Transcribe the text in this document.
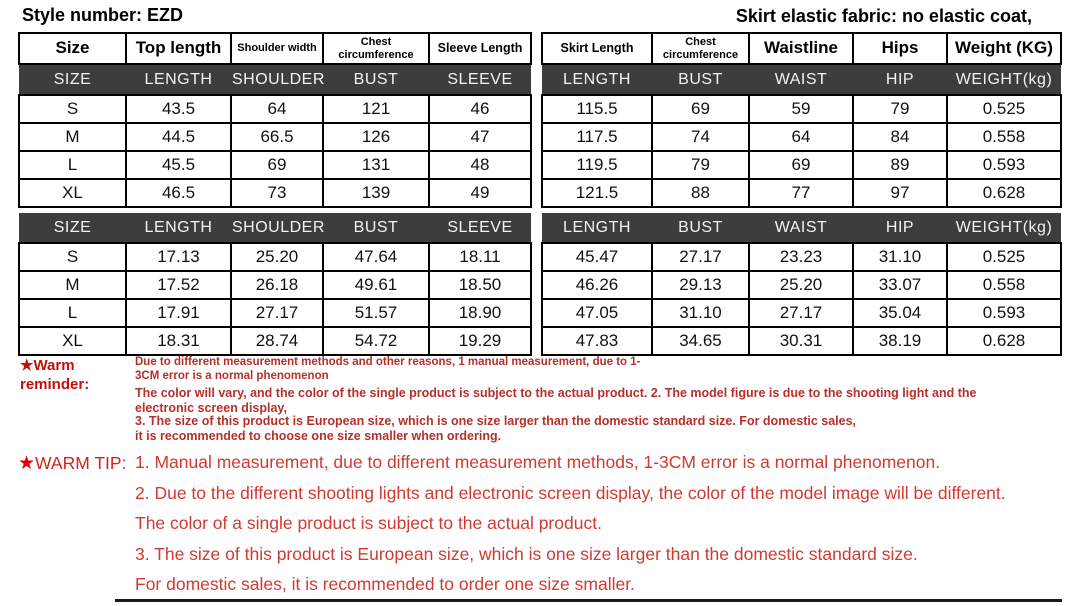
Style number: EZD	Skirt elastic fabric: no elastic coat,
Size	Top length	Shoulder width	Chest circumference	Sleeve Length
SIZE	LENGTH	SHOULDER	BUST	SLEEVE
S	43.5	64	121	46
M	44.5	66.5	126	47
L	45.5	69	131	48
XL	46.5	73	139	49
Skirt Length	Chest circumference	Waistline	Hips	Weight (KG)
LENGTH	BUST	WAIST	HIP	WEIGHT(kg)
115.5	69	59	79	0.525
117.5	74	64	84	0.558
119.5	79	69	89	0.593
121.5	88	77	97	0.628
SIZE	LENGTH	SHOULDER	BUST	SLEEVE
S	17.13	25.20	47.64	18.11
M	17.52	26.18	49.61	18.50
L	17.91	27.17	51.57	18.90
XL	18.31	28.74	54.72	19.29
LENGTH	BUST	WAIST	HIP	WEIGHT(kg)
45.47	27.17	23.23	31.10	0.525
46.26	29.13	25.20	33.07	0.558
47.05	31.10	27.17	35.04	0.593
47.83	34.65	30.31	38.19	0.628
★Warm reminder:
Due to different measurement methods and other reasons, 1 manual measurement, due to 1-3CM error is a normal phenomenon
The color will vary, and the color of the single product is subject to the actual product. 2. The model figure is due to the shooting light and the electronic screen display,
3. The size of this product is European size, which is one size larger than the domestic standard size. For domestic sales, it is recommended to choose one size smaller when ordering.
★WARM TIP: 1. Manual measurement, due to different measurement methods, 1-3CM error is a normal phenomenon.
2. Due to the different shooting lights and electronic screen display, the color of the model image will be different.
The color of a single product is subject to the actual product.
3. The size of this product is European size, which is one size larger than the domestic standard size.
For domestic sales, it is recommended to order one size smaller.
